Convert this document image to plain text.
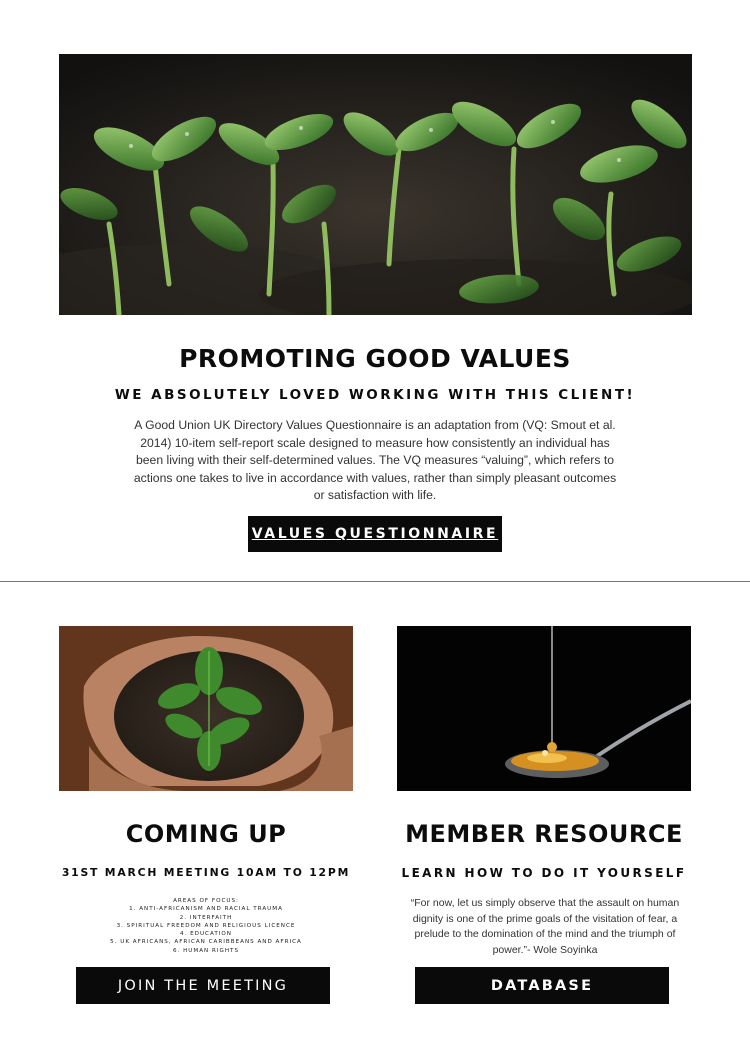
PROMOTING GOOD VALUES
WE ABSOLUTELY LOVED WORKING WITH THIS CLIENT!
A Good Union UK Directory Values Questionnaire is an adaptation from (VQ: Smout et al. 2014) 10-item self-report scale designed to measure how consistently an individual has been living with their self-determined values. The VQ measures “valuing”, which refers to actions one takes to live in accordance with values, rather than simply pleasant outcomes or satisfaction with life.
VALUES QUESTIONNAIRE
COMING UP
31ST MARCH MEETING 10AM TO 12PM
AREAS OF FOCUS:
1. ANTI-AFRICANISM AND RACIAL TRAUMA
2. INTERFAITH
3. SPIRITUAL FREEDOM AND RELIGIOUS LICENCE
4. EDUCATION
5. UK AFRICANS, AFRICAN CARIBBEANS AND AFRICA
6. HUMAN RIGHTS
JOIN THE MEETING
MEMBER RESOURCE
LEARN HOW TO DO IT YOURSELF
“For now, let us simply observe that the assault on human dignity is one of the prime goals of the visitation of fear, a prelude to the domination of the mind and the triumph of power.”- Wole Soyinka
DATABASE
